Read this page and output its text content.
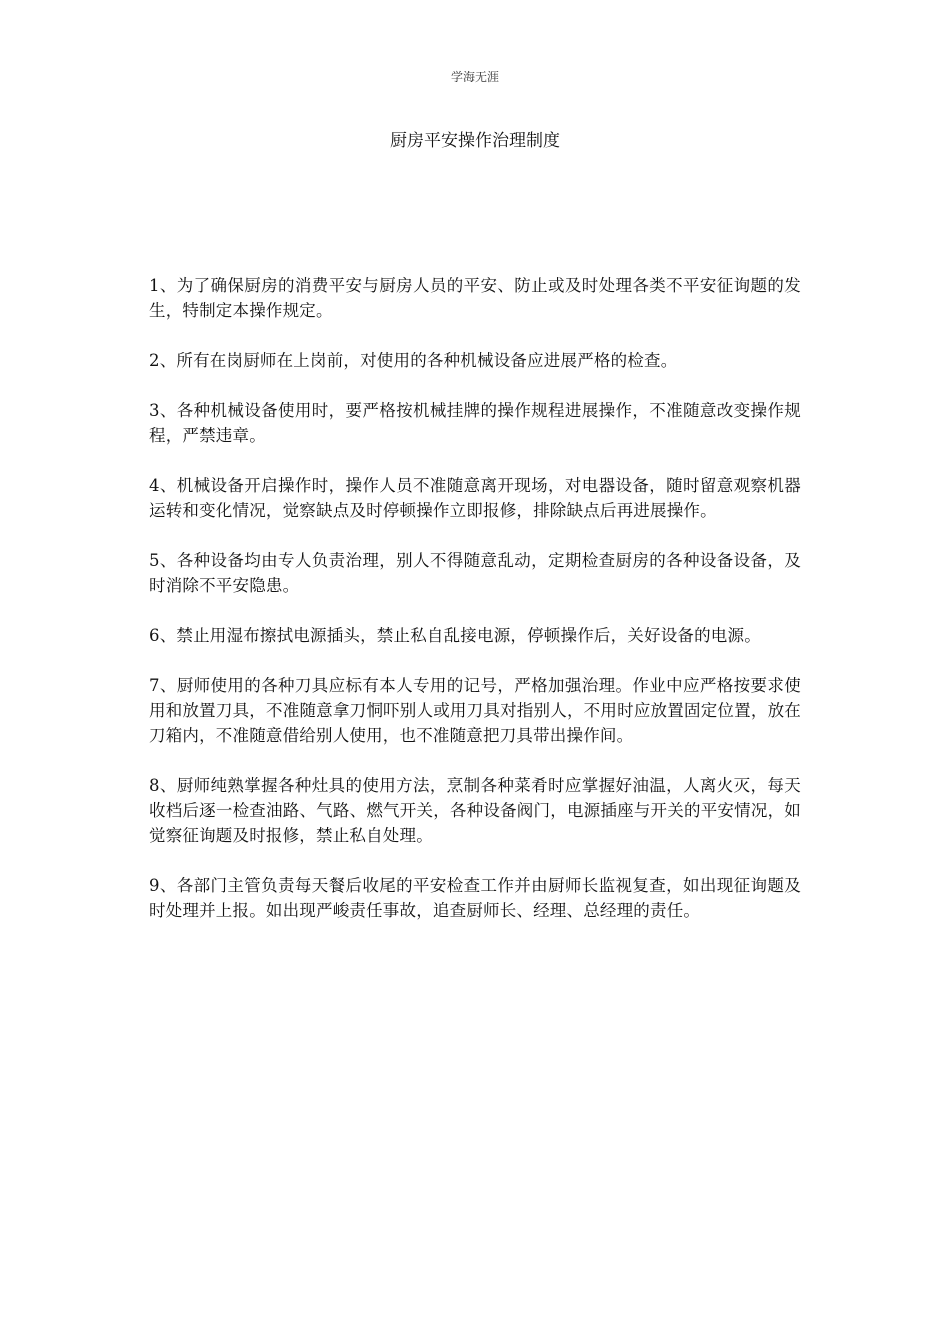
学海无涯
厨房平安操作治理制度

1、为了确保厨房的消费平安与厨房人员的平安、防止或及时处理各类不平安征询题的发生，特制定本操作规定。

2、所有在岗厨师在上岗前，对使用的各种机械设备应进展严格的检查。

3、各种机械设备使用时，要严格按机械挂牌的操作规程进展操作，不准随意改变操作规程，严禁违章。

4、机械设备开启操作时，操作人员不准随意离开现场，对电器设备，随时留意观察机器运转和变化情况，觉察缺点及时停顿操作立即报修，排除缺点后再进展操作。

5、各种设备均由专人负责治理，别人不得随意乱动，定期检查厨房的各种设备设备，及时消除不平安隐患。

6、禁止用湿布擦拭电源插头，禁止私自乱接电源，停顿操作后，关好设备的电源。

7、厨师使用的各种刀具应标有本人专用的记号，严格加强治理。作业中应严格按要求使用和放置刀具，不准随意拿刀恫吓别人或用刀具对指别人，不用时应放置固定位置，放在刀箱内，不准随意借给别人使用，也不准随意把刀具带出操作间。

8、厨师纯熟掌握各种灶具的使用方法，烹制各种菜肴时应掌握好油温，人离火灭，每天收档后逐一检查油路、气路、燃气开关，各种设备阀门，电源插座与开关的平安情况，如觉察征询题及时报修，禁止私自处理。

9、各部门主管负责每天餐后收尾的平安检查工作并由厨师长监视复查，如出现征询题及时处理并上报。如出现严峻责任事故，追查厨师长、经理、总经理的责任。
